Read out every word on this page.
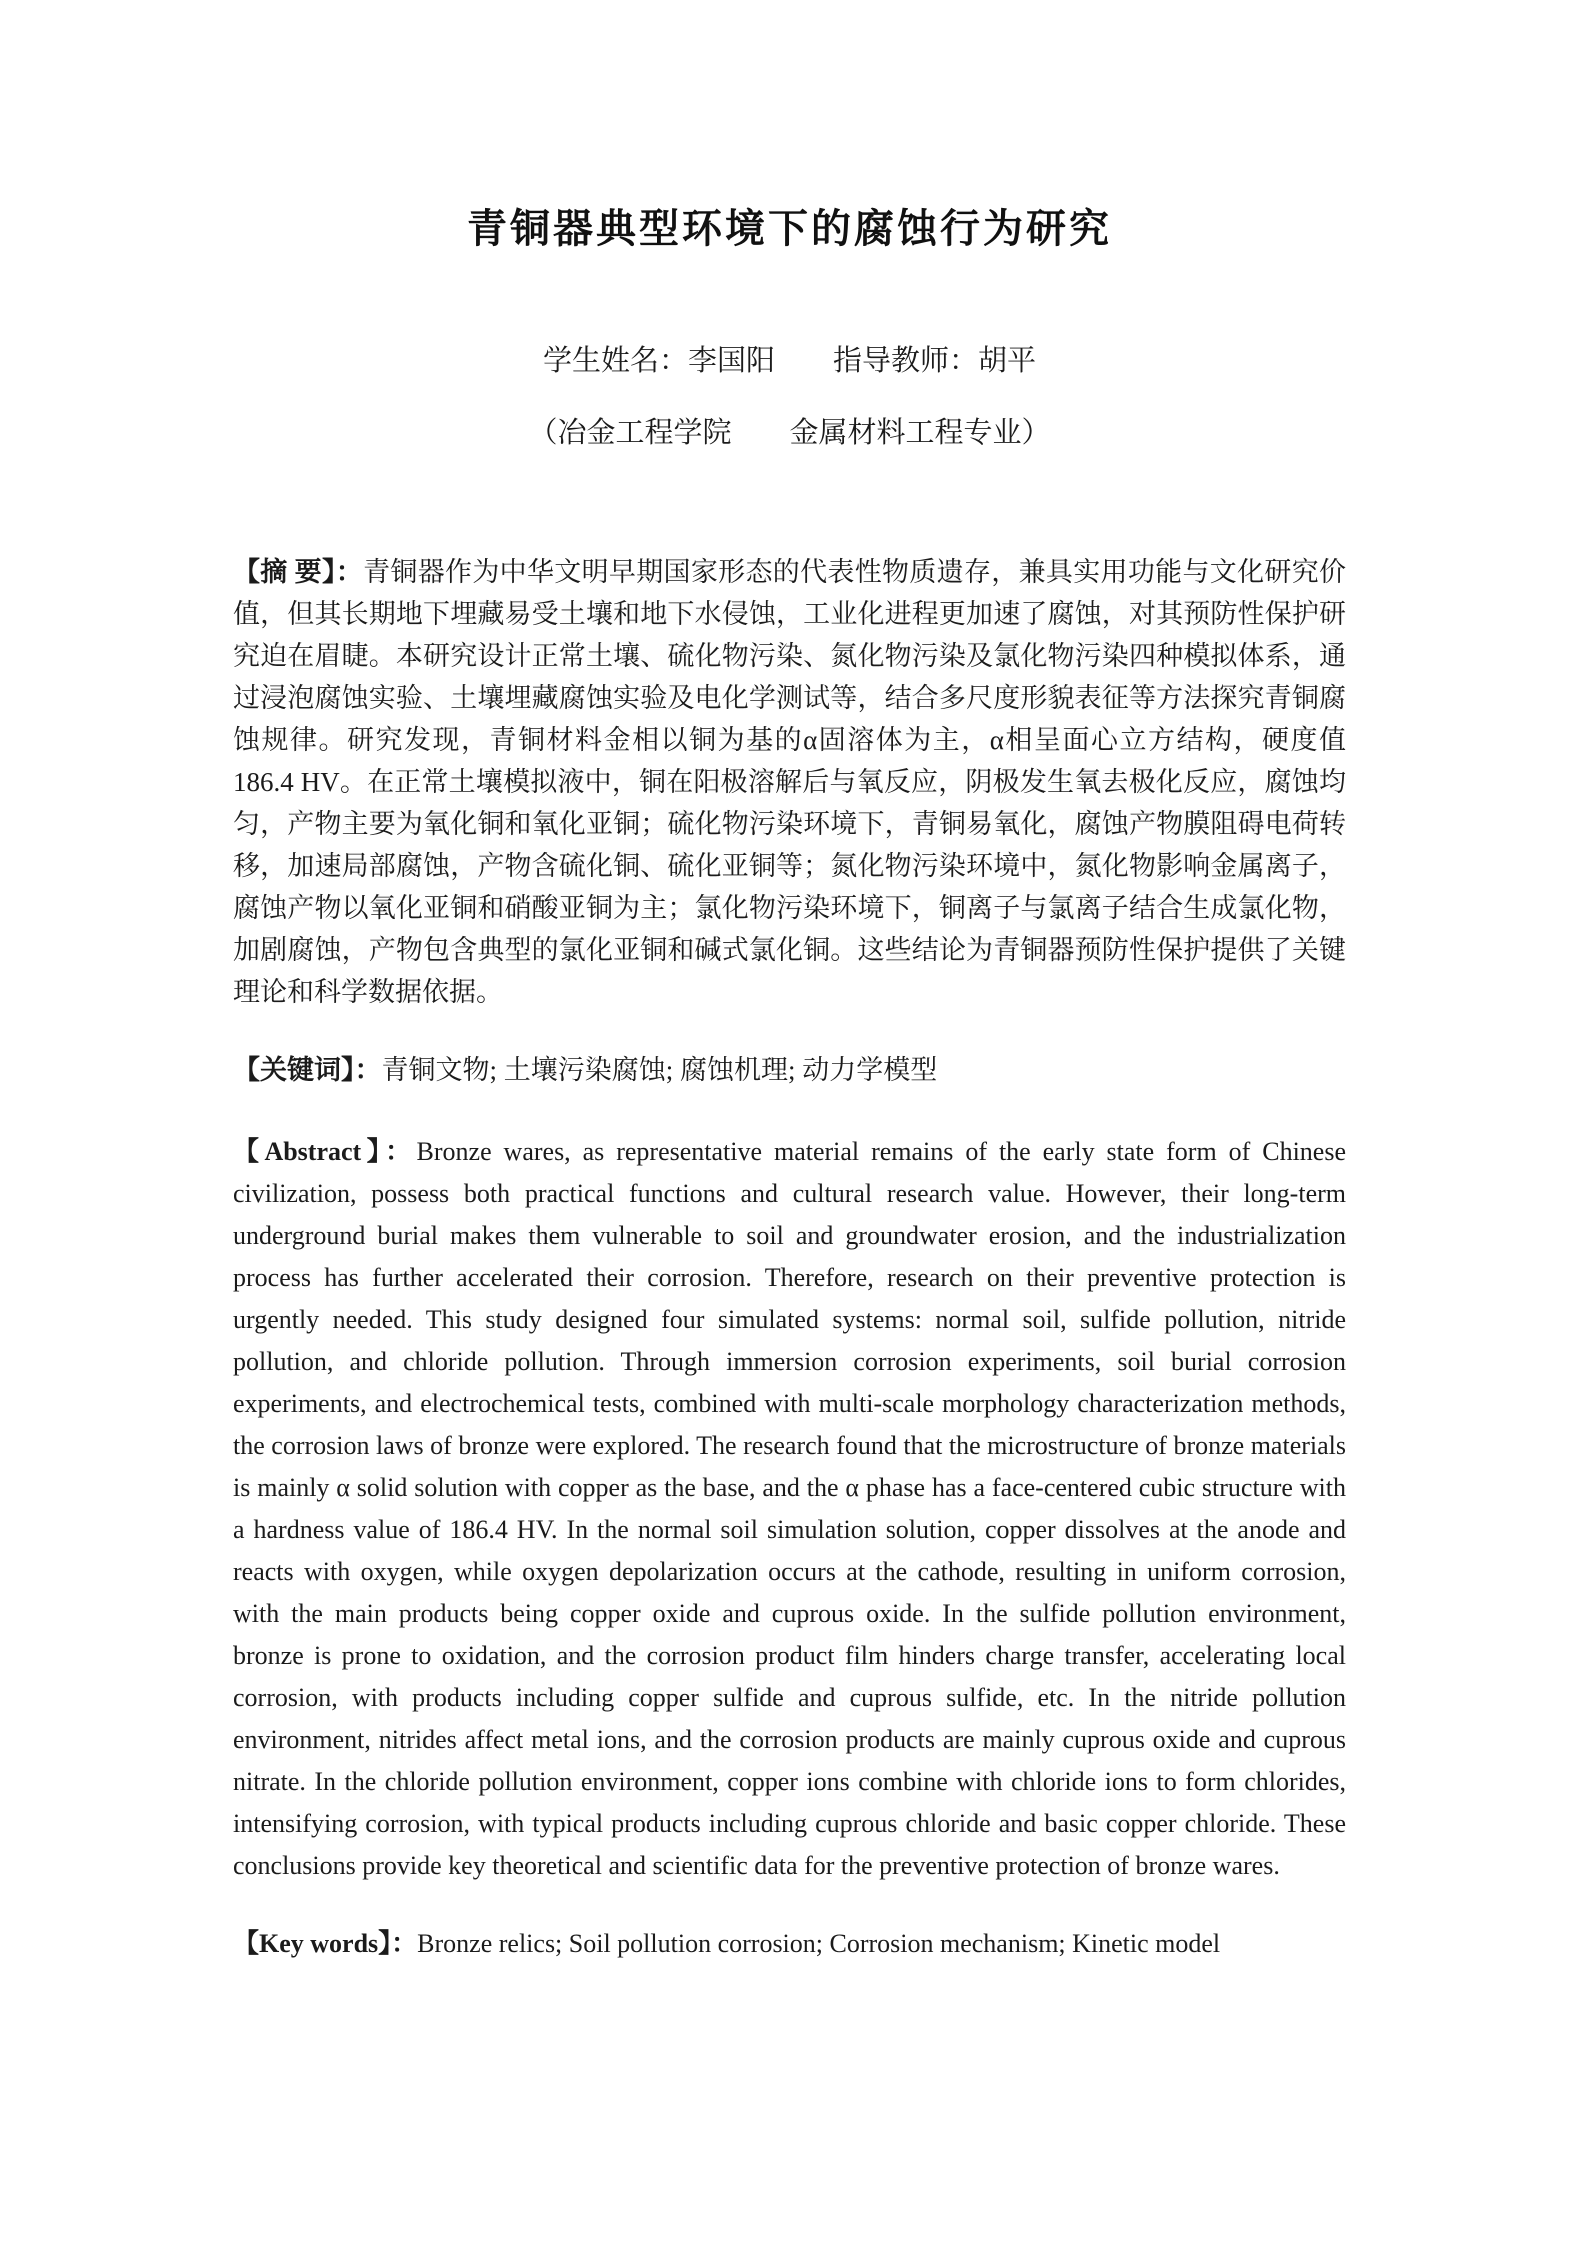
青铜器典型环境下的腐蚀行为研究
学生姓名：李国阳 指导教师：胡平
（冶金工程学院 金属材料工程专业）

【摘 要】：青铜器作为中华文明早期国家形态的代表性物质遗存，兼具实用功能与文化研究价值，但其长期地下埋藏易受土壤和地下水侵蚀，工业化进程更加速了腐蚀，对其预防性保护研究迫在眉睫。本研究设计正常土壤、硫化物污染、氮化物污染及氯化物污染四种模拟体系，通过浸泡腐蚀实验、土壤埋藏腐蚀实验及电化学测试等，结合多尺度形貌表征等方法探究青铜腐蚀规律。研究发现，青铜材料金相以铜为基的α固溶体为主，α相呈面心立方结构，硬度值 186.4 HV。在正常土壤模拟液中，铜在阳极溶解后与氧反应，阴极发生氧去极化反应，腐蚀均匀，产物主要为氧化铜和氧化亚铜；硫化物污染环境下，青铜易氧化，腐蚀产物膜阻碍电荷转移，加速局部腐蚀，产物含硫化铜、硫化亚铜等；氮化物污染环境中，氮化物影响金属离子，腐蚀产物以氧化亚铜和硝酸亚铜为主；氯化物污染环境下，铜离子与氯离子结合生成氯化物，加剧腐蚀，产物包含典型的氯化亚铜和碱式氯化铜。这些结论为青铜器预防性保护提供了关键理论和科学数据依据。

【关键词】：青铜文物; 土壤污染腐蚀; 腐蚀机理; 动力学模型

【Abstract】：Bronze wares, as representative material remains of the early state form of Chinese civilization, possess both practical functions and cultural research value. However, their long-term underground burial makes them vulnerable to soil and groundwater erosion, and the industrialization process has further accelerated their corrosion. Therefore, research on their preventive protection is urgently needed. This study designed four simulated systems: normal soil, sulfide pollution, nitride pollution, and chloride pollution. Through immersion corrosion experiments, soil burial corrosion experiments, and electrochemical tests, combined with multi-scale morphology characterization methods, the corrosion laws of bronze were explored. The research found that the microstructure of bronze materials is mainly α solid solution with copper as the base, and the α phase has a face-centered cubic structure with a hardness value of 186.4 HV. In the normal soil simulation solution, copper dissolves at the anode and reacts with oxygen, while oxygen depolarization occurs at the cathode, resulting in uniform corrosion, with the main products being copper oxide and cuprous oxide. In the sulfide pollution environment, bronze is prone to oxidation, and the corrosion product film hinders charge transfer, accelerating local corrosion, with products including copper sulfide and cuprous sulfide, etc. In the nitride pollution environment, nitrides affect metal ions, and the corrosion products are mainly cuprous oxide and cuprous nitrate. In the chloride pollution environment, copper ions combine with chloride ions to form chlorides, intensifying corrosion, with typical products including cuprous chloride and basic copper chloride. These conclusions provide key theoretical and scientific data for the preventive protection of bronze wares.

【Key words】：Bronze relics; Soil pollution corrosion; Corrosion mechanism; Kinetic model
